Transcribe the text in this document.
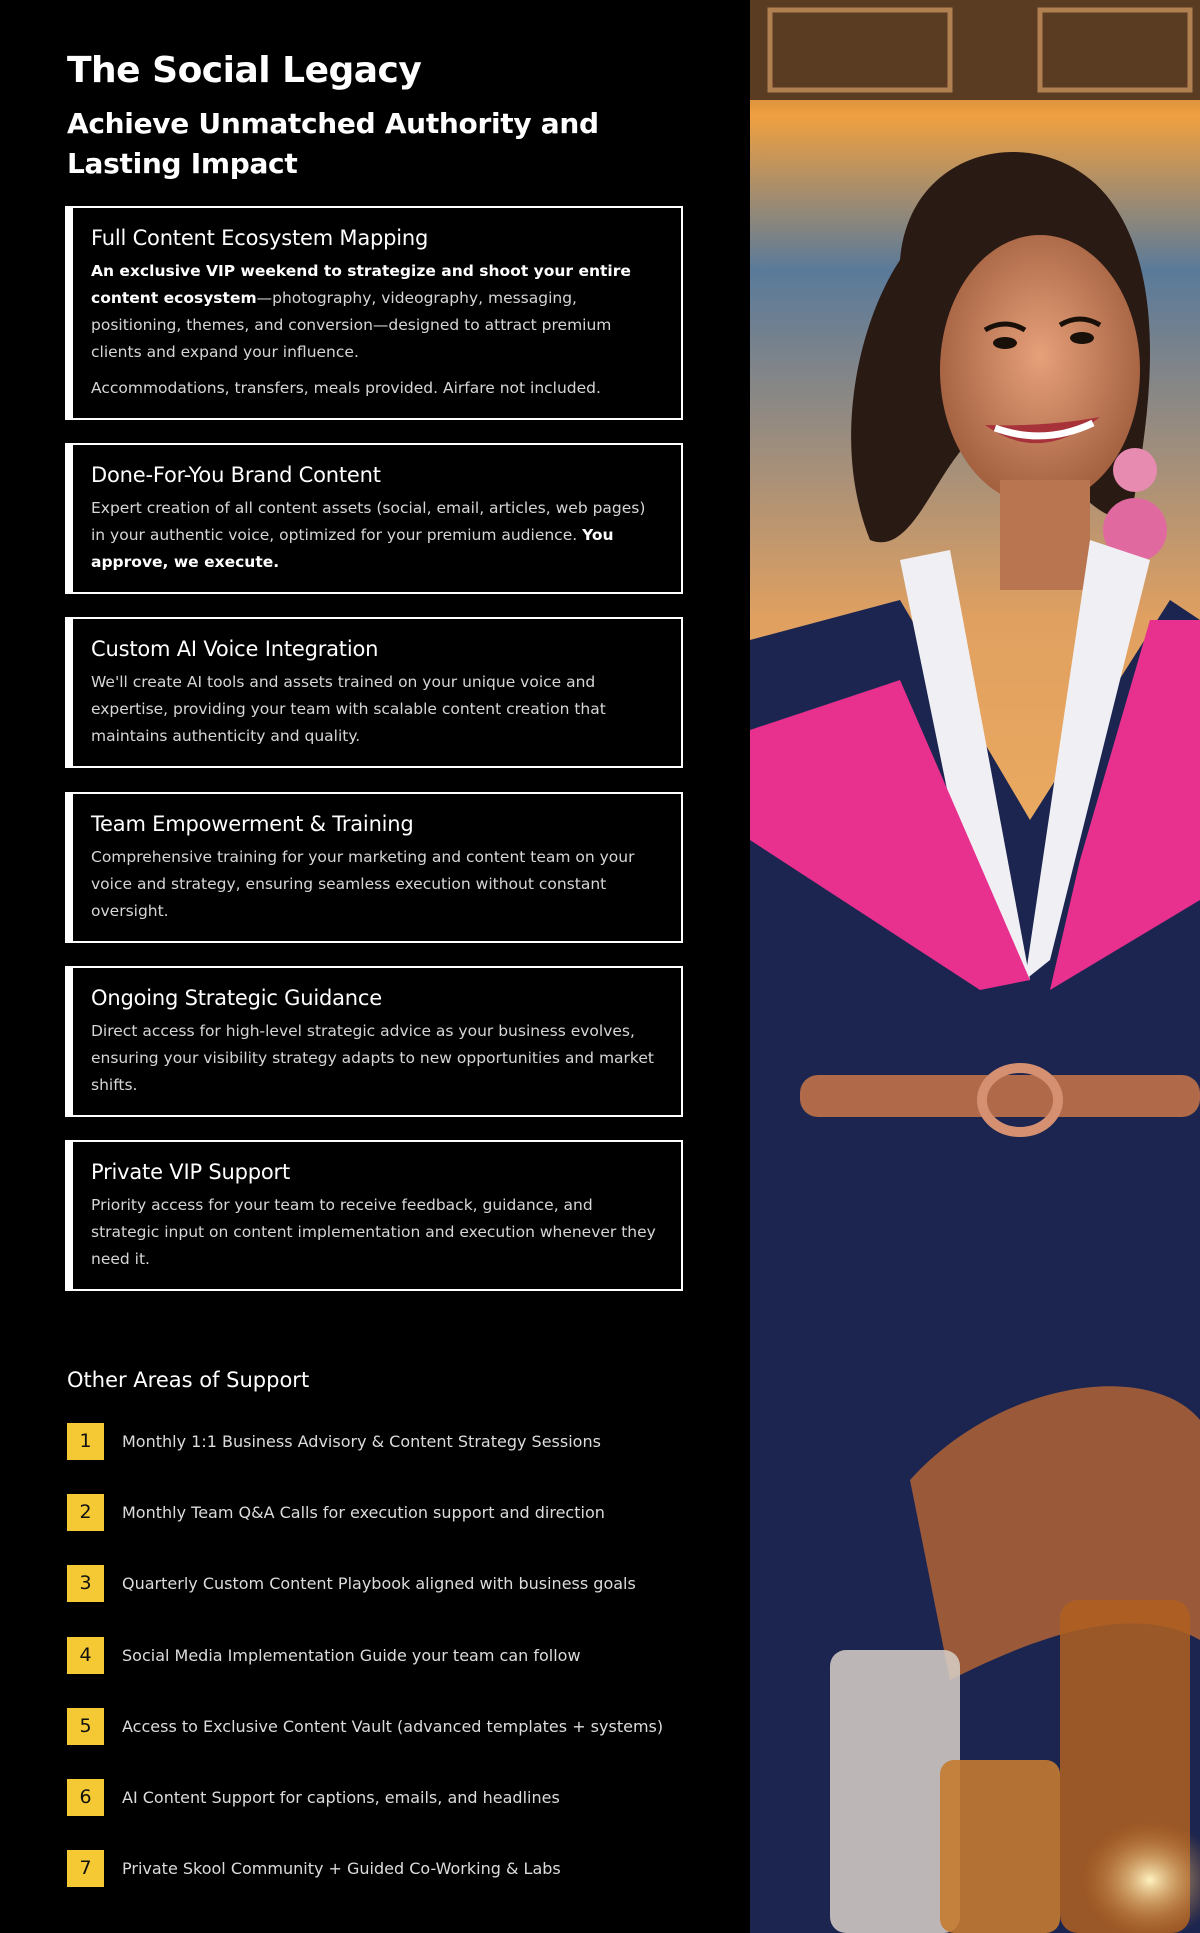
The Social Legacy
Achieve Unmatched Authority and Lasting Impact
Full Content Ecosystem Mapping

An exclusive VIP weekend to strategize and shoot your entire content ecosystem—photography, videography, messaging, positioning, themes, and conversion—designed to attract premium clients and expand your influence.

Accommodations, transfers, meals provided. Airfare not included.

Done-For-You Brand Content

Expert creation of all content assets (social, email, articles, web pages) in your authentic voice, optimized for your premium audience. You approve, we execute.

Custom AI Voice Integration

We'll create AI tools and assets trained on your unique voice and expertise, providing your team with scalable content creation that maintains authenticity and quality.

Team Empowerment & Training

Comprehensive training for your marketing and content team on your voice and strategy, ensuring seamless execution without constant oversight.

Ongoing Strategic Guidance

Direct access for high-level strategic advice as your business evolves, ensuring your visibility strategy adapts to new opportunities and market shifts.

Private VIP Support

Priority access for your team to receive feedback, guidance, and strategic input on content implementation and execution whenever they need it.

Other Areas of Support
1	Monthly 1:1 Business Advisory & Content Strategy Sessions
2	Monthly Team Q&A Calls for execution support and direction
3	Quarterly Custom Content Playbook aligned with business goals
4	Social Media Implementation Guide your team can follow
5	Access to Exclusive Content Vault (advanced templates + systems)
6	AI Content Support for captions, emails, and headlines
7	Private Skool Community + Guided Co-Working & Labs
